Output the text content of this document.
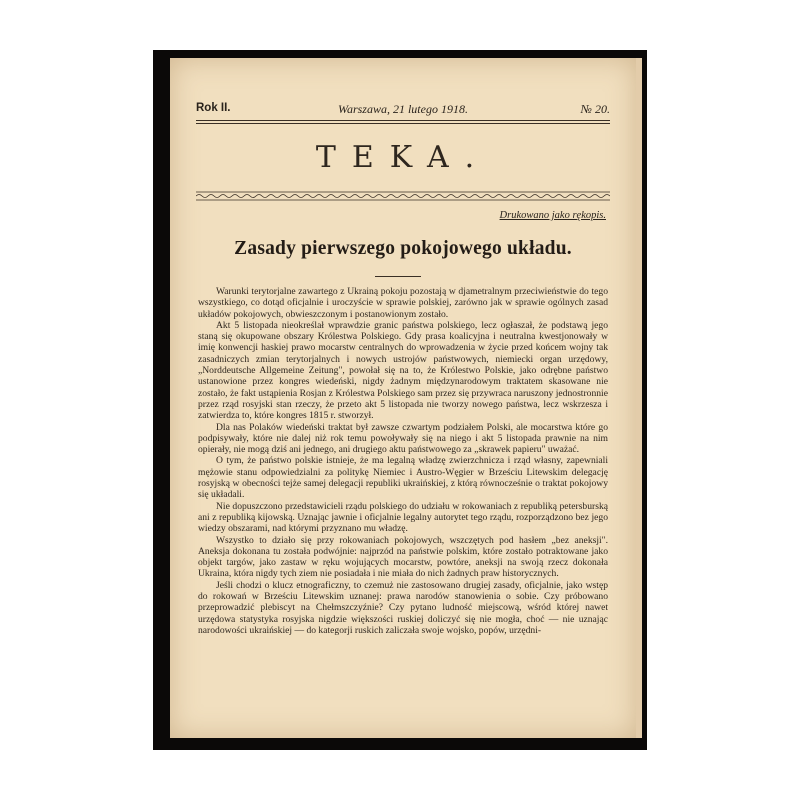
Rok II.	Warszawa, 21 lutego 1918.	№ 20.
TEKA.
Drukowano jako rękopis.
Zasady pierwszego pokojowego układu.

Warunki terytorjalne zawartego z Ukrainą pokoju pozostają w djametralnym przeciwieństwie do tego wszystkiego, co dotąd oficjalnie i uroczyście w sprawie polskiej, zarówno jak w sprawie ogólnych zasad układów pokojowych, obwieszczonym i postanowionym zostało.

Akt 5 listopada nieokreślał wprawdzie granic państwa polskiego, lecz ogłaszał, że podstawą jego staną się okupowane obszary Królestwa Polskiego. Gdy prasa koalicyjna i neutralna kwestjonowały w imię konwencji haskiej prawo mocarstw centralnych do wprowadzenia w życie przed końcem wojny tak zasadniczych zmian terytorjalnych i nowych ustrojów państwowych, niemiecki organ urzędowy, „Norddeutsche Allgemeine Zeitung", powołał się na to, że Królestwo Polskie, jako odrębne państwo ustanowione przez kongres wiedeński, nigdy żadnym międzynarodowym traktatem skasowane nie zostało, że fakt ustąpienia Rosjan z Królestwa Polskiego sam przez się przywraca naruszony jednostronnie przez rząd rosyjski stan rzeczy, że przeto akt 5 listopada nie tworzy nowego państwa, lecz wskrzesza i zatwierdza to, które kongres 1815 r. stworzył.

Dla nas Polaków wiedeński traktat był zawsze czwartym podziałem Polski, ale mocarstwa które go podpisywały, które nie dalej niż rok temu powoływały się na niego i akt 5 listopada prawnie na nim opierały, nie mogą dziś ani jednego, ani drugiego aktu państwowego za „skrawek papieru" uważać.

O tym, że państwo polskie istnieje, że ma legalną władzę zwierzchnicza i rząd własny, zapewniali mężowie stanu odpowiedzialni za politykę Niemiec i Austro-Węgier w Brześciu Litewskim delegację rosyjską w obecności tejże samej delegacji republiki ukraińskiej, z którą równocześnie o traktat pokojowy się układali.

Nie dopuszczono przedstawicieli rządu polskiego do udziału w rokowaniach z republiką petersburską ani z republiką kijowską. Uznając jawnie i oficjalnie legalny autorytet tego rządu, rozporządzono bez jego wiedzy obszarami, nad którymi przyznano mu władzę.

Wszystko to działo się przy rokowaniach pokojowych, wszczętych pod hasłem „bez aneksji". Aneksja dokonana tu została podwójnie: najprzód na państwie polskim, które zostało potraktowane jako objekt targów, jako zastaw w ręku wojujących mocarstw, powtóre, aneksji na swoją rzecz dokonała Ukraina, która nigdy tych ziem nie posiadała i nie miała do nich żadnych praw historycznych.

Jeśli chodzi o klucz etnograficzny, to czemuż nie zastosowano drugiej zasady, oficjalnie, jako wstęp do rokowań w Brześciu Litewskim uznanej: prawa narodów stanowienia o sobie. Czy próbowano przeprowadzić plebiscyt na Chełmszczyźnie? Czy pytano ludność miejscową, wśród której nawet urzędowa statystyka rosyjska nigdzie większości ruskiej doliczyć się nie mogła, choć — nie uznając narodowości ukraińskiej — do kategorji ruskich zaliczała swoje wojsko, popów, urzędni-
